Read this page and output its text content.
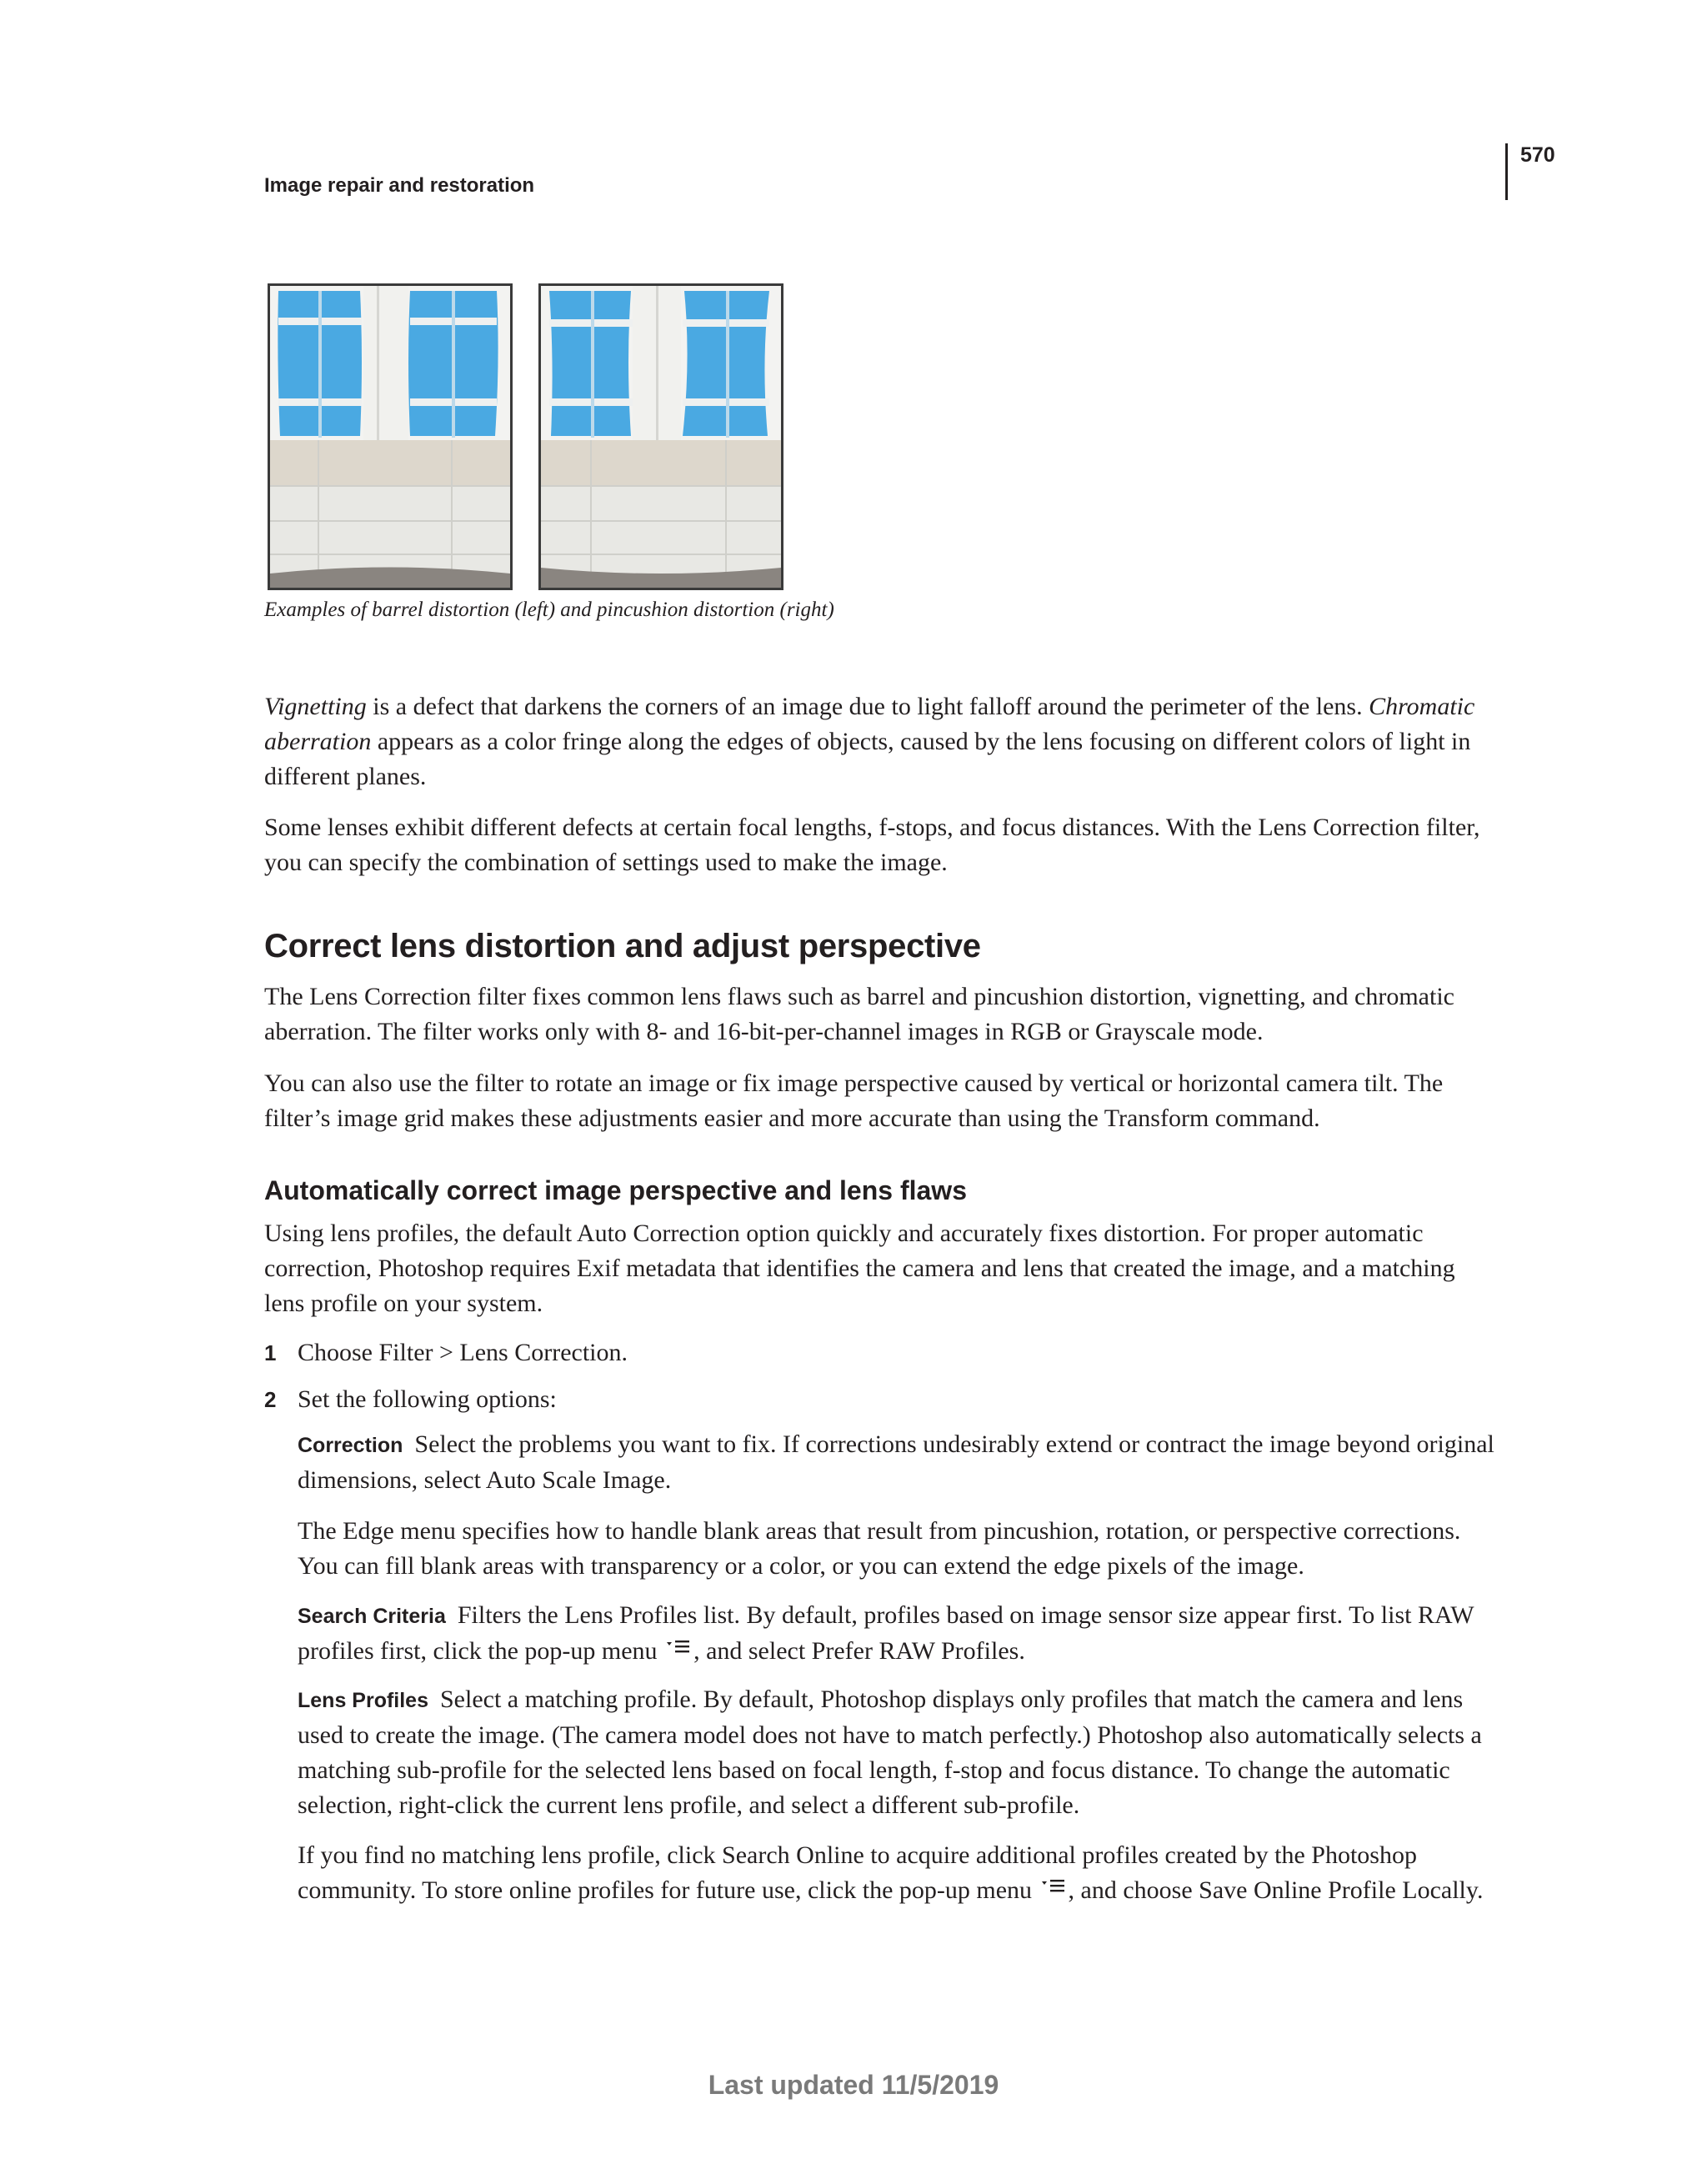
570
Image repair and restoration
Examples of barrel distortion (left) and pincushion distortion (right)

Vignetting is a defect that darkens the corners of an image due to light falloff around the perimeter of the lens. Chromatic aberration appears as a color fringe along the edges of objects, caused by the lens focusing on different colors of light in different planes.

Some lenses exhibit different defects at certain focal lengths, f-stops, and focus distances. With the Lens Correction filter, you can specify the combination of settings used to make the image.

Correct lens distortion and adjust perspective

The Lens Correction filter fixes common lens flaws such as barrel and pincushion distortion, vignetting, and chromatic aberration. The filter works only with 8- and 16-bit-per-channel images in RGB or Grayscale mode.

You can also use the filter to rotate an image or fix image perspective caused by vertical or horizontal camera tilt. The filter’s image grid makes these adjustments easier and more accurate than using the Transform command.

Automatically correct image perspective and lens flaws

Using lens profiles, the default Auto Correction option quickly and accurately fixes distortion. For proper automatic correction, Photoshop requires Exif metadata that identifies the camera and lens that created the image, and a matching lens profile on your system.

1 Choose Filter > Lens Correction.
2 Set the following options:

Correction Select the problems you want to fix. If corrections undesirably extend or contract the image beyond original dimensions, select Auto Scale Image.

The Edge menu specifies how to handle blank areas that result from pincushion, rotation, or perspective corrections. You can fill blank areas with transparency or a color, or you can extend the edge pixels of the image.

Search Criteria Filters the Lens Profiles list. By default, profiles based on image sensor size appear first. To list RAW profiles first, click the pop-up menu , and select Prefer RAW Profiles.

Lens Profiles Select a matching profile. By default, Photoshop displays only profiles that match the camera and lens used to create the image. (The camera model does not have to match perfectly.) Photoshop also automatically selects a matching sub-profile for the selected lens based on focal length, f-stop and focus distance. To change the automatic selection, right-click the current lens profile, and select a different sub-profile.

If you find no matching lens profile, click Search Online to acquire additional profiles created by the Photoshop community. To store online profiles for future use, click the pop-up menu , and choose Save Online Profile Locally.

Last updated 11/5/2019
